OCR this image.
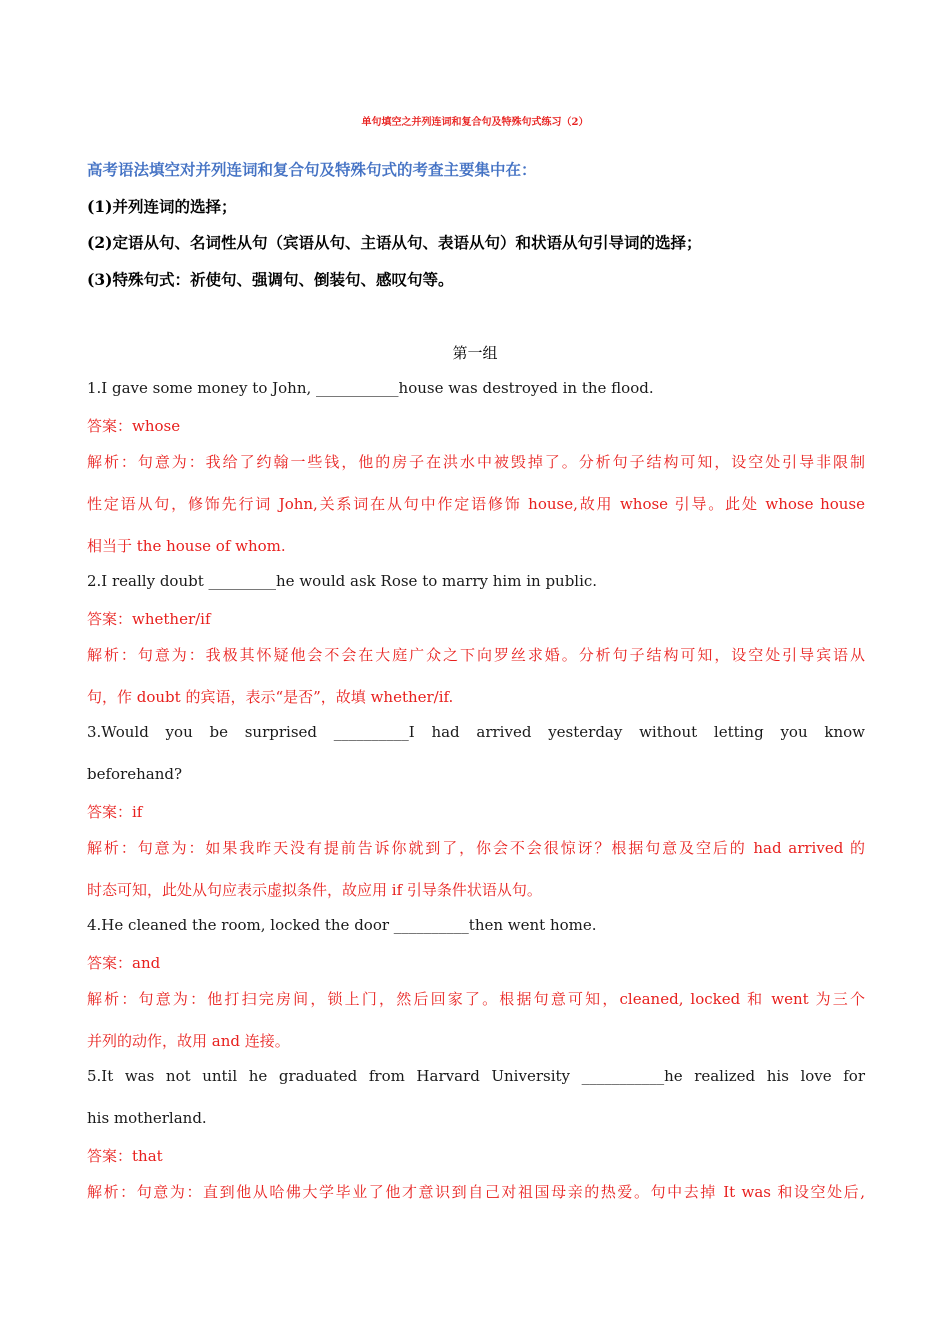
单句填空之并列连词和复合句及特殊句式练习（2）
高考语法填空对并列连词和复合句及特殊句式的考查主要集中在：
(1)并列连词的选择；
(2)定语从句、名词性从句（宾语从句、主语从句、表语从句）和状语从句引导词的选择；
(3)特殊句式：祈使句、强调句、倒装句、感叹句等。
第一组
1.I gave some money to John, ___________house was destroyed in the flood.
答案：whose
解析：句意为：我给了约翰一些钱，他的房子在洪水中被毁掉了。分析句子结构可知，设空处引导非限制
性定语从句，修饰先行词 John,关系词在从句中作定语修饰 house,故用 whose 引导。此处 whose house
相当于 the house of whom.
2.I really doubt _________he would ask Rose to marry him in public.
答案：whether/if
解析：句意为：我极其怀疑他会不会在大庭广众之下向罗丝求婚。分析句子结构可知，设空处引导宾语从
句，作 doubt 的宾语，表示“是否”，故填 whether/if.
3.Would you be surprised __________I had arrived yesterday without letting you know
beforehand?
答案：if
解析：句意为：如果我昨天没有提前告诉你就到了，你会不会很惊讶？根据句意及空后的 had arrived 的
时态可知，此处从句应表示虚拟条件，故应用 if 引导条件状语从句。
4.He cleaned the room, locked the door __________then went home.
答案：and
解析：句意为：他打扫完房间，锁上门，然后回家了。根据句意可知，cleaned, locked 和 went 为三个
并列的动作，故用 and 连接。
5.It was not until he graduated from Harvard University ___________he realized his love for
his motherland.
答案：that
解析：句意为：直到他从哈佛大学毕业了他才意识到自己对祖国母亲的热爱。句中去掉 It was 和设空处后,
